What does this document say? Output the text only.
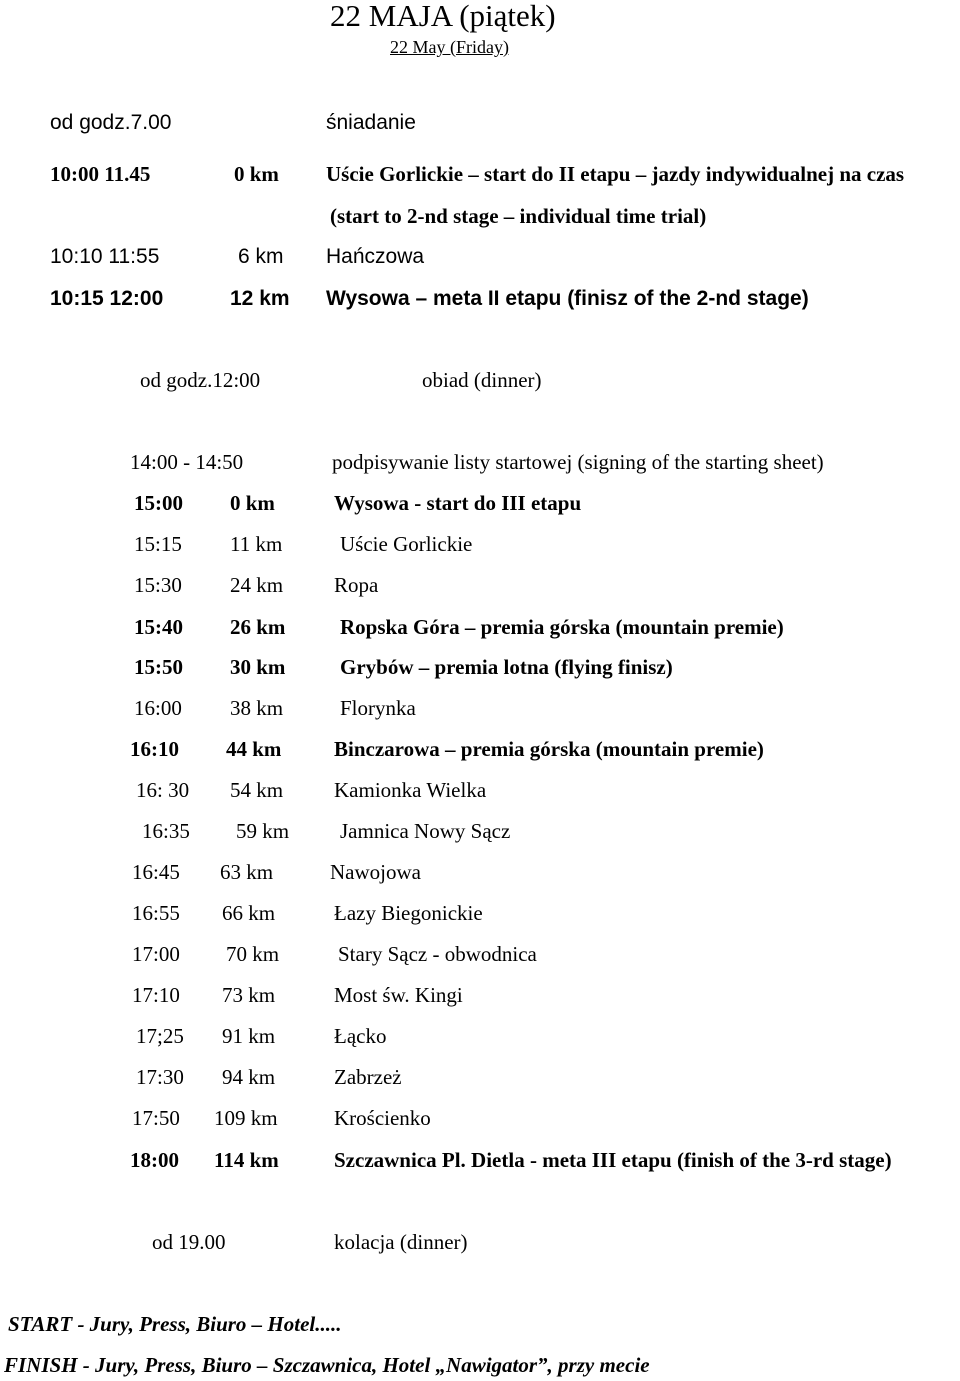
22 MAJA (piątek)
22 May (Friday)
od godz.7.00	śniadanie
10:00 11.45	0 km Uście Gorlickie – start do II etapu – jazdy indywidualnej na czas
(start to 2-nd stage – individual time trial)
10:10 11:55	6 km Hańczowa
10:15 12:00	12 km Wysowa – meta II etapu (finisz of the 2-nd stage)
od godz.12:00	obiad (dinner)
14:00 - 14:50	podpisywanie listy startowej (signing of the starting sheet)
15:00 0 km	Wysowa - start do III etapu
15:15 11 km	Uście Gorlickie
15:30 24 km Ropa
15:40 26 km	Ropska Góra – premia górska (mountain premie)
15:50 30 km	Grybów – premia lotna (flying finisz)
16:00 38 km	Florynka
16:10 44 km	Binczarowa – premia górska (mountain premie)
16: 30 54 km Kamionka Wielka
16:35 59 km Jamnica Nowy Sącz
16:45 63 km	Nawojowa
16:55 66 km	Łazy Biegonickie
17:00 70 km	Stary Sącz - obwodnica
17:10 73 km	Most św. Kingi
17;25 91 km	Łącko
17:30 94 km	Zabrzeż
17:50 109 km	Krościenko
18:00 114 km	Szczawnica Pl. Dietla - meta III etapu (finish of the 3-rd stage)
od 19.00	kolacja (dinner)
START - Jury, Press, Biuro – Hotel.....
FINISH - Jury, Press, Biuro – Szczawnica, Hotel „Nawigator”, przy mecie
